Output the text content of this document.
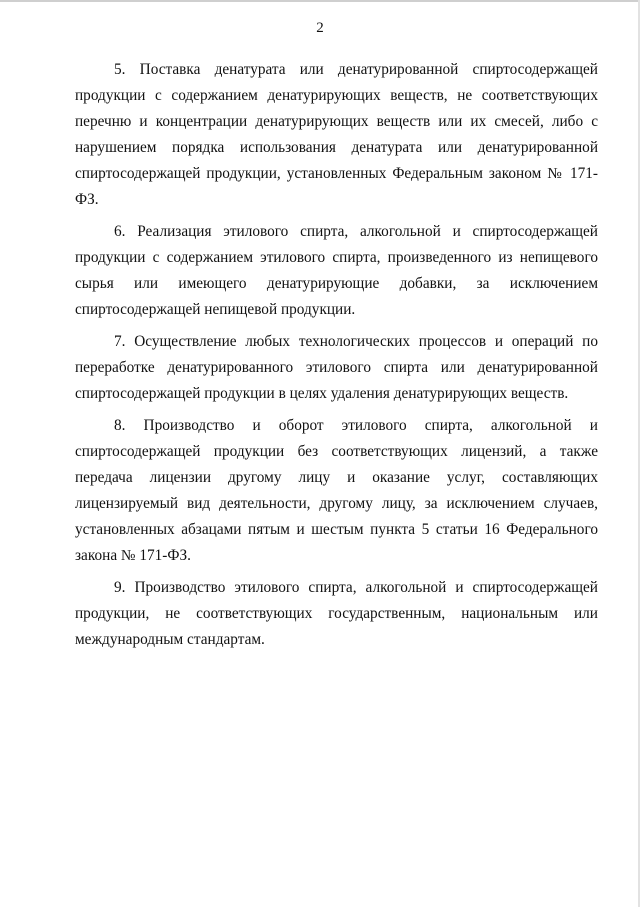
2

5. Поставка денатурата или денатурированной спиртосодержащей продукции с содержанием денатурирующих веществ, не соответствующих перечню и концентрации денатурирующих веществ или их смесей, либо с нарушением порядка использования денатурата или денатурированной спиртосодержащей продукции, установленных Федеральным законом № 171-ФЗ.

6. Реализация этилового спирта, алкогольной и спиртосодержащей продукции с содержанием этилового спирта, произведенного из непищевого сырья или имеющего денатурирующие добавки, за исключением спиртосодержащей непищевой продукции.

7. Осуществление любых технологических процессов и операций по переработке денатурированного этилового спирта или денатурированной спиртосодержащей продукции в целях удаления денатурирующих веществ.

8. Производство и оборот этилового спирта, алкогольной и спиртосодержащей продукции без соответствующих лицензий, а также передача лицензии другому лицу и оказание услуг, составляющих лицензируемый вид деятельности, другому лицу, за исключением случаев, установленных абзацами пятым и шестым пункта 5 статьи 16 Федерального закона № 171-ФЗ.

9. Производство этилового спирта, алкогольной и спиртосодержащей продукции, не соответствующих государственным, национальным или международным стандартам.
